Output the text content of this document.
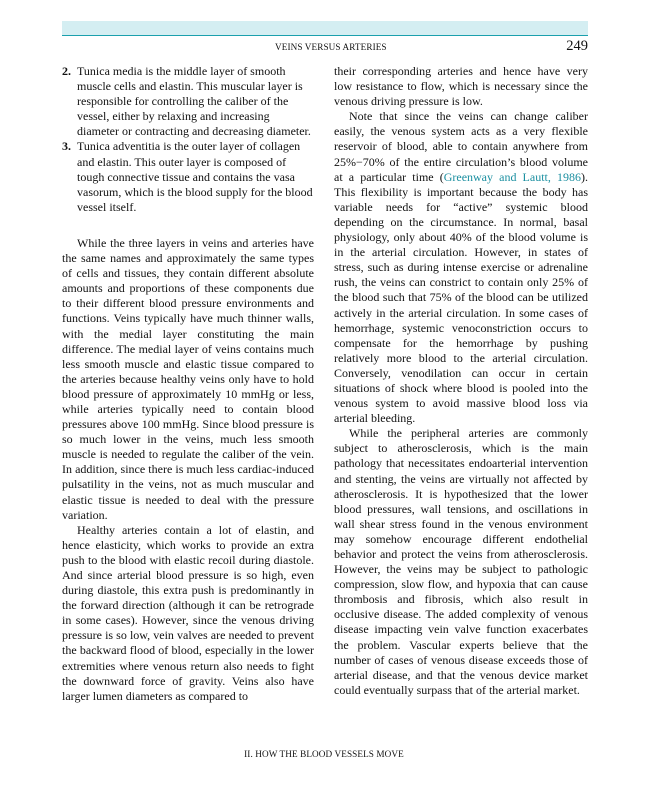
VEINS VERSUS ARTERIES	249
2. Tunica media is the middle layer of smooth muscle cells and elastin. This muscular layer is responsible for controlling the caliber of the vessel, either by relaxing and increasing diameter or contracting and decreasing diameter.
3. Tunica adventitia is the outer layer of collagen and elastin. This outer layer is composed of tough connective tissue and contains the vasa vasorum, which is the blood supply for the blood vessel itself.

While the three layers in veins and arteries have the same names and approximately the same types of cells and tissues, they contain different absolute amounts and proportions of these components due to their different blood pressure environments and functions. Veins typically have much thinner walls, with the medial layer constituting the main difference. The medial layer of veins contains much less smooth muscle and elastic tissue compared to the arteries because healthy veins only have to hold blood pressure of approximately 10 mmHg or less, while arteries typically need to contain blood pressures above 100 mmHg. Since blood pressure is so much lower in the veins, much less smooth muscle is needed to regulate the caliber of the vein. In addition, since there is much less cardiac-induced pulsatility in the veins, not as much muscular and elastic tissue is needed to deal with the pressure variation.

Healthy arteries contain a lot of elastin, and hence elasticity, which works to provide an extra push to the blood with elastic recoil during diastole. And since arterial blood pressure is so high, even during diastole, this extra push is predominantly in the forward direction (although it can be retrograde in some cases). However, since the venous driving pressure is so low, vein valves are needed to prevent the backward flood of blood, especially in the lower extremities where venous return also needs to fight the downward force of gravity. Veins also have larger lumen diameters as compared to

their corresponding arteries and hence have very low resistance to flow, which is necessary since the venous driving pressure is low.

Note that since the veins can change caliber easily, the venous system acts as a very flexible reservoir of blood, able to contain anywhere from 25%−70% of the entire circulation’s blood volume at a particular time (Greenway and Lautt, 1986). This flexibility is important because the body has variable needs for “active” systemic blood depending on the circumstance. In normal, basal physiology, only about 40% of the blood volume is in the arterial circulation. However, in states of stress, such as during intense exercise or adrenaline rush, the veins can constrict to contain only 25% of the blood such that 75% of the blood can be utilized actively in the arterial circulation. In some cases of hemorrhage, systemic venoconstriction occurs to compensate for the hemorrhage by pushing relatively more blood to the arterial circulation. Conversely, venodilation can occur in certain situations of shock where blood is pooled into the venous system to avoid massive blood loss via arterial bleeding.

While the peripheral arteries are commonly subject to atherosclerosis, which is the main pathology that necessitates endoarterial intervention and stenting, the veins are virtually not affected by atherosclerosis. It is hypothesized that the lower blood pressures, wall tensions, and oscillations in wall shear stress found in the venous environment may somehow encourage different endothelial behavior and protect the veins from atherosclerosis. However, the veins may be subject to pathologic compression, slow flow, and hypoxia that can cause thrombosis and fibrosis, which also result in occlusive disease. The added complexity of venous disease impacting vein valve function exacerbates the problem. Vascular experts believe that the number of cases of venous disease exceeds those of arterial disease, and that the venous device market could eventually surpass that of the arterial market.

II. HOW THE BLOOD VESSELS MOVE
